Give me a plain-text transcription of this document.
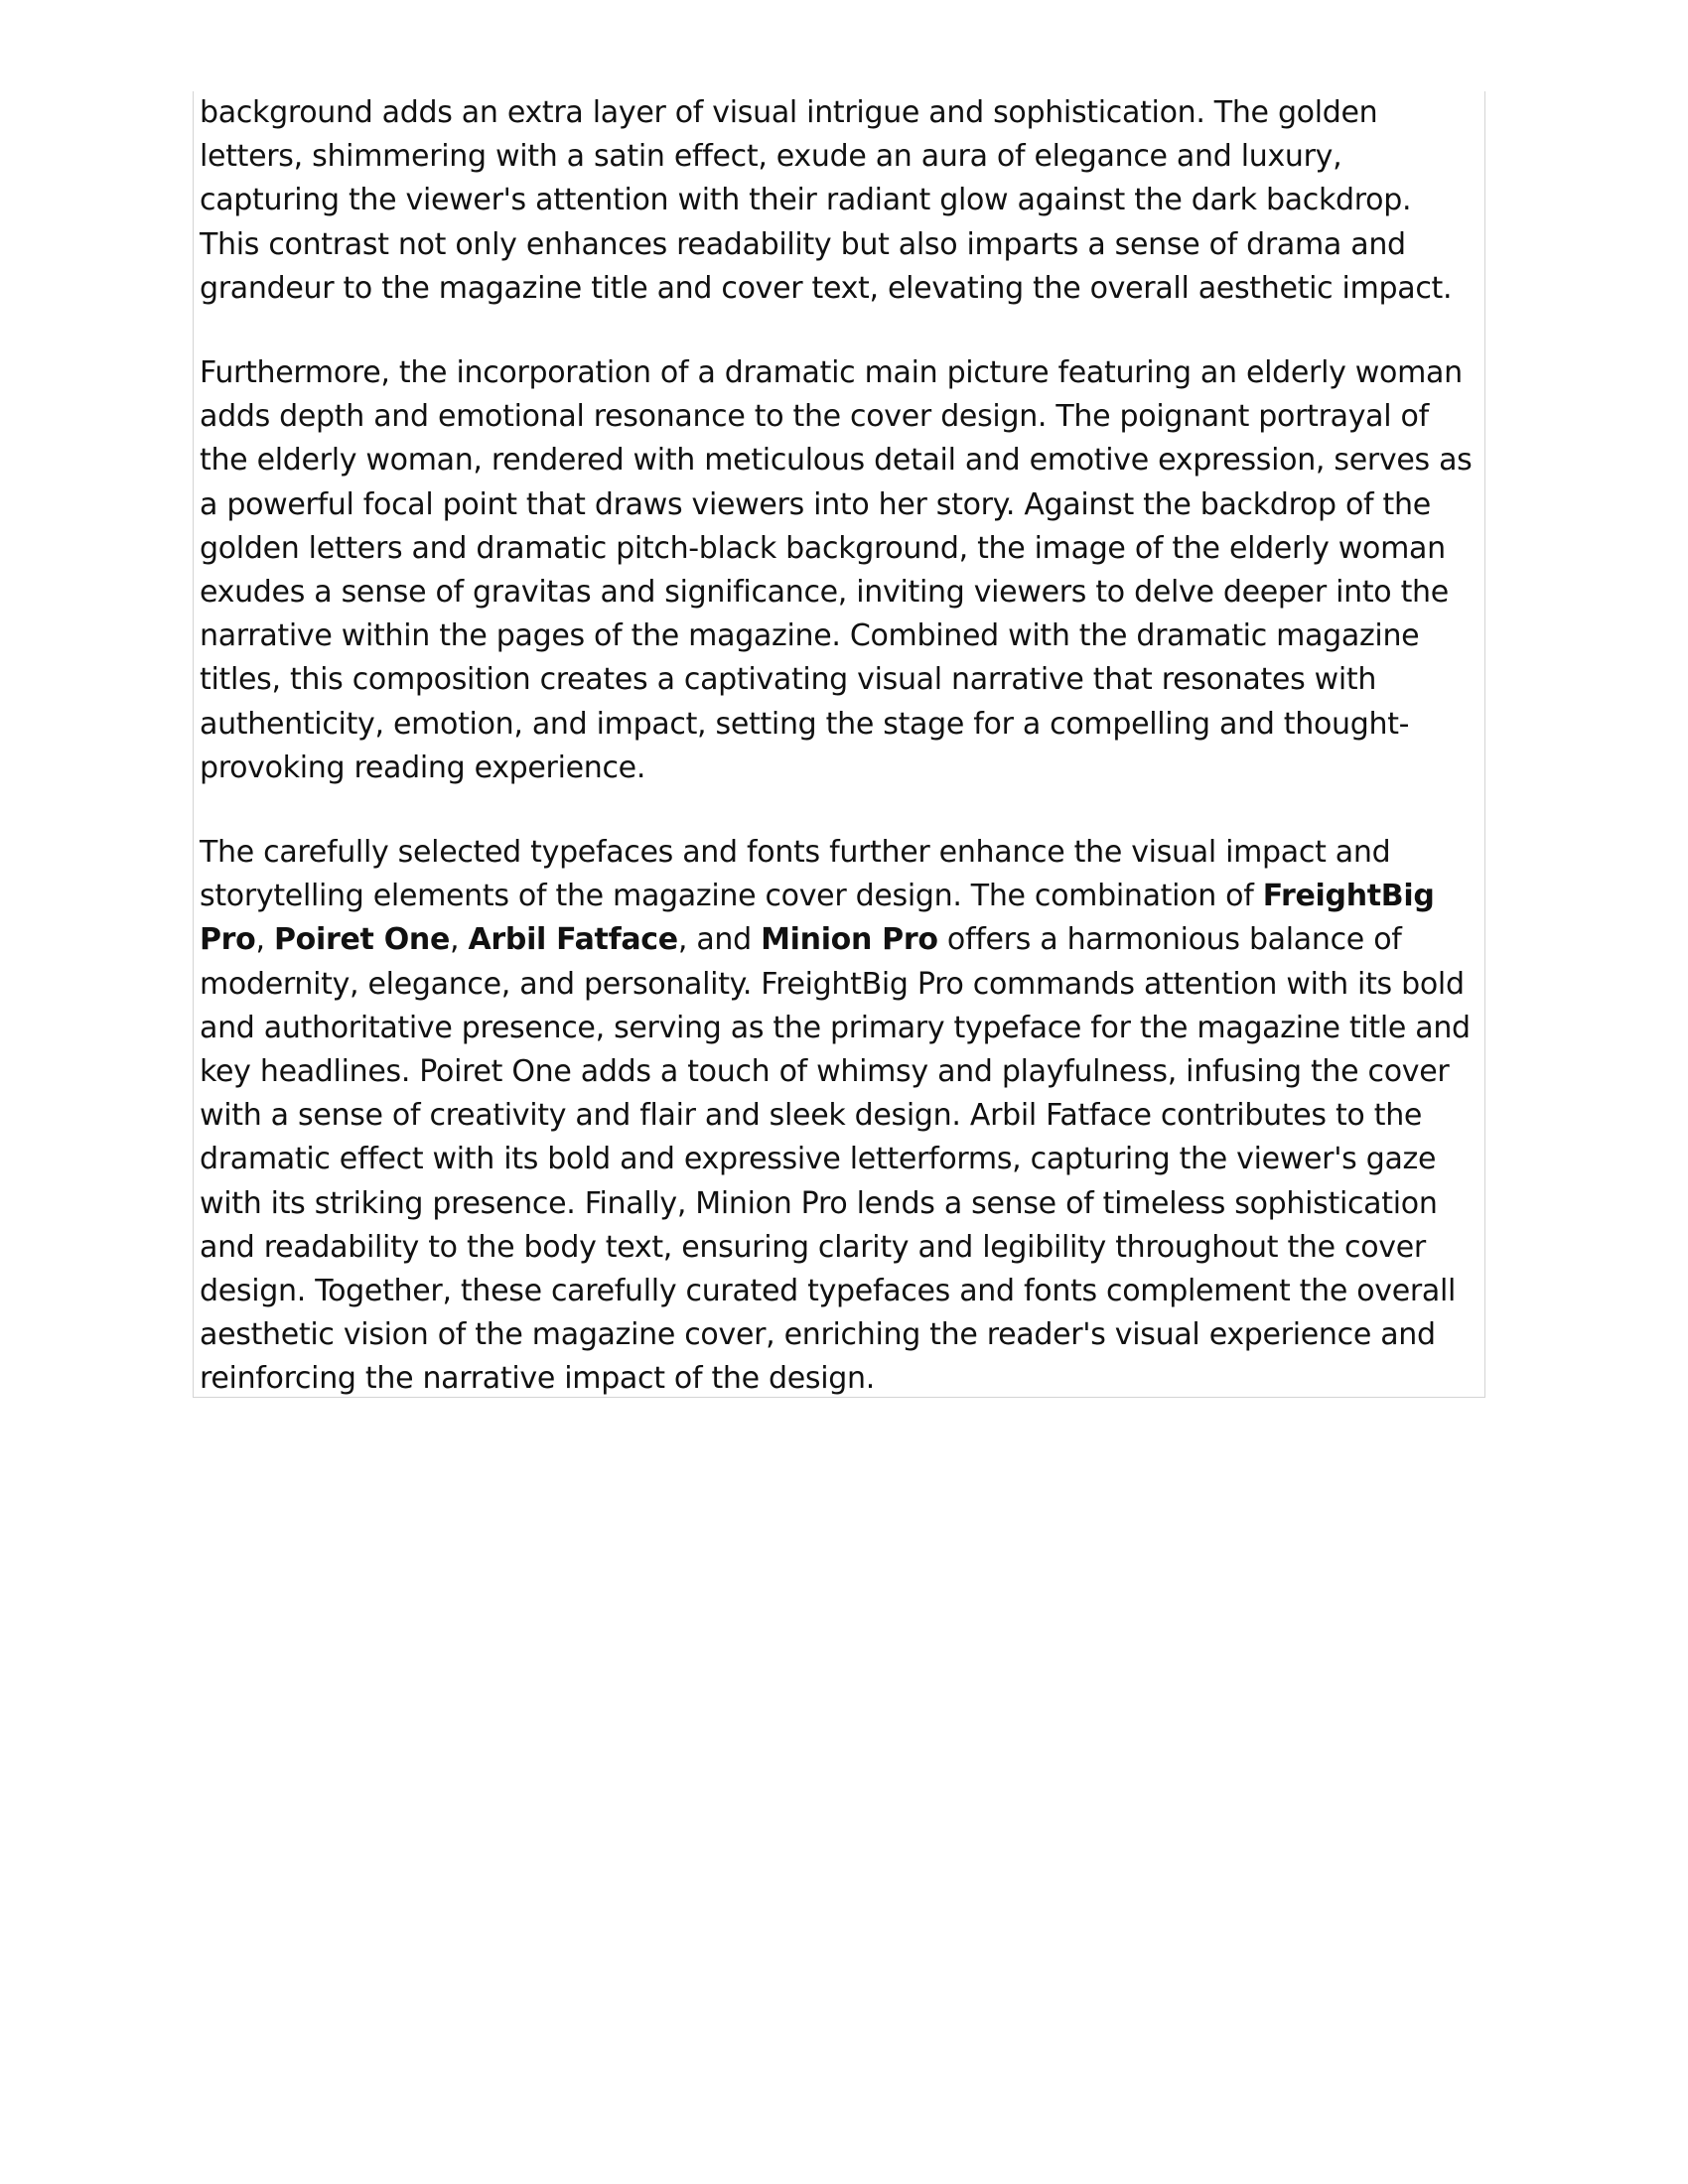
background adds an extra layer of visual intrigue and sophistication. The golden letters, shimmering with a satin effect, exude an aura of elegance and luxury, capturing the viewer's attention with their radiant glow against the dark backdrop. This contrast not only enhances readability but also imparts a sense of drama and grandeur to the magazine title and cover text, elevating the overall aesthetic impact.

Furthermore, the incorporation of a dramatic main picture featuring an elderly woman adds depth and emotional resonance to the cover design. The poignant portrayal of the elderly woman, rendered with meticulous detail and emotive expression, serves as a powerful focal point that draws viewers into her story. Against the backdrop of the golden letters and dramatic pitch-black background, the image of the elderly woman exudes a sense of gravitas and significance, inviting viewers to delve deeper into the narrative within the pages of the magazine. Combined with the dramatic magazine titles, this composition creates a captivating visual narrative that resonates with authenticity, emotion, and impact, setting the stage for a compelling and thought-provoking reading experience.

The carefully selected typefaces and fonts further enhance the visual impact and storytelling elements of the magazine cover design. The combination of FreightBig Pro, Poiret One, Arbil Fatface, and Minion Pro offers a harmonious balance of modernity, elegance, and personality. FreightBig Pro commands attention with its bold and authoritative presence, serving as the primary typeface for the magazine title and key headlines. Poiret One adds a touch of whimsy and playfulness, infusing the cover with a sense of creativity and flair and sleek design. Arbil Fatface contributes to the dramatic effect with its bold and expressive letterforms, capturing the viewer's gaze with its striking presence. Finally, Minion Pro lends a sense of timeless sophistication and readability to the body text, ensuring clarity and legibility throughout the cover design. Together, these carefully curated typefaces and fonts complement the overall aesthetic vision of the magazine cover, enriching the reader's visual experience and reinforcing the narrative impact of the design.
